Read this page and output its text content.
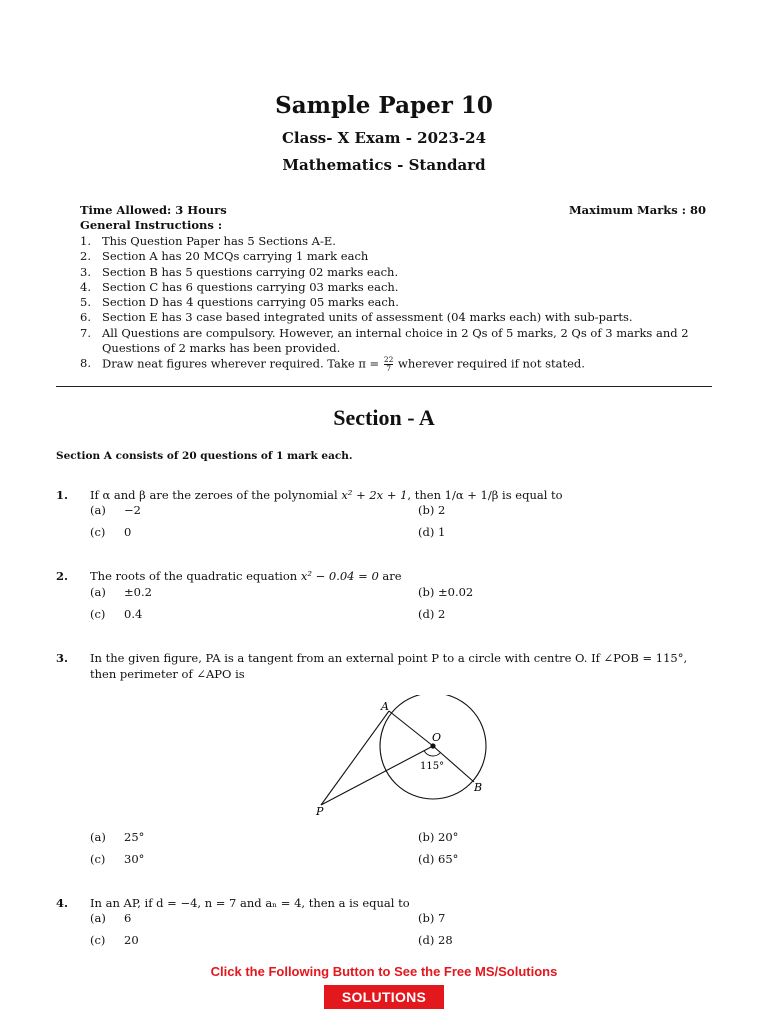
Sample Paper 10
Class- X Exam - 2023-24
Mathematics - Standard
Time Allowed: 3 Hours	Maximum Marks : 80
General Instructions :
1. This Question Paper has 5 Sections A-E.
2. Section A has 20 MCQs carrying 1 mark each
3. Section B has 5 questions carrying 02 marks each.
4. Section C has 6 questions carrying 03 marks each.
5. Section D has 4 questions carrying 05 marks each.
6. Section E has 3 case based integrated units of assessment (04 marks each) with sub-parts.
7. All Questions are compulsory. However, an internal choice in 2 Qs of 5 marks, 2 Qs of 3 marks and 2 Questions of 2 marks has been provided.
8. Draw neat figures wherever required. Take $\pi = \frac{22}{7}$ wherever required if not stated.
Section - A
Section A consists of 20 questions of 1 mark each.
1. If α and β are the zeroes of the polynomial x² + 2x + 1, then 1/α + 1/β is equal to
(a) −2	(b) 2
(c) 0	(d) 1
2. The roots of the quadratic equation x² − 0.04 = 0 are
(a) ±0.2	(b) ±0.02
(c) 0.4	(d) 2
3. In the given figure, PA is a tangent from an external point P to a circle with centre O. If ∠POB = 115°, then perimeter of ∠APO is
A
O
B
P
115°
(a) 25°	(b) 20°
(c) 30°	(d) 65°
4. In an AP, if d = −4, n = 7 and aₙ = 4, then a is equal to
(a) 6	(b) 7
(c) 20	(d) 28
Click the Following Button to See the Free MS/Solutions
SOLUTIONS
